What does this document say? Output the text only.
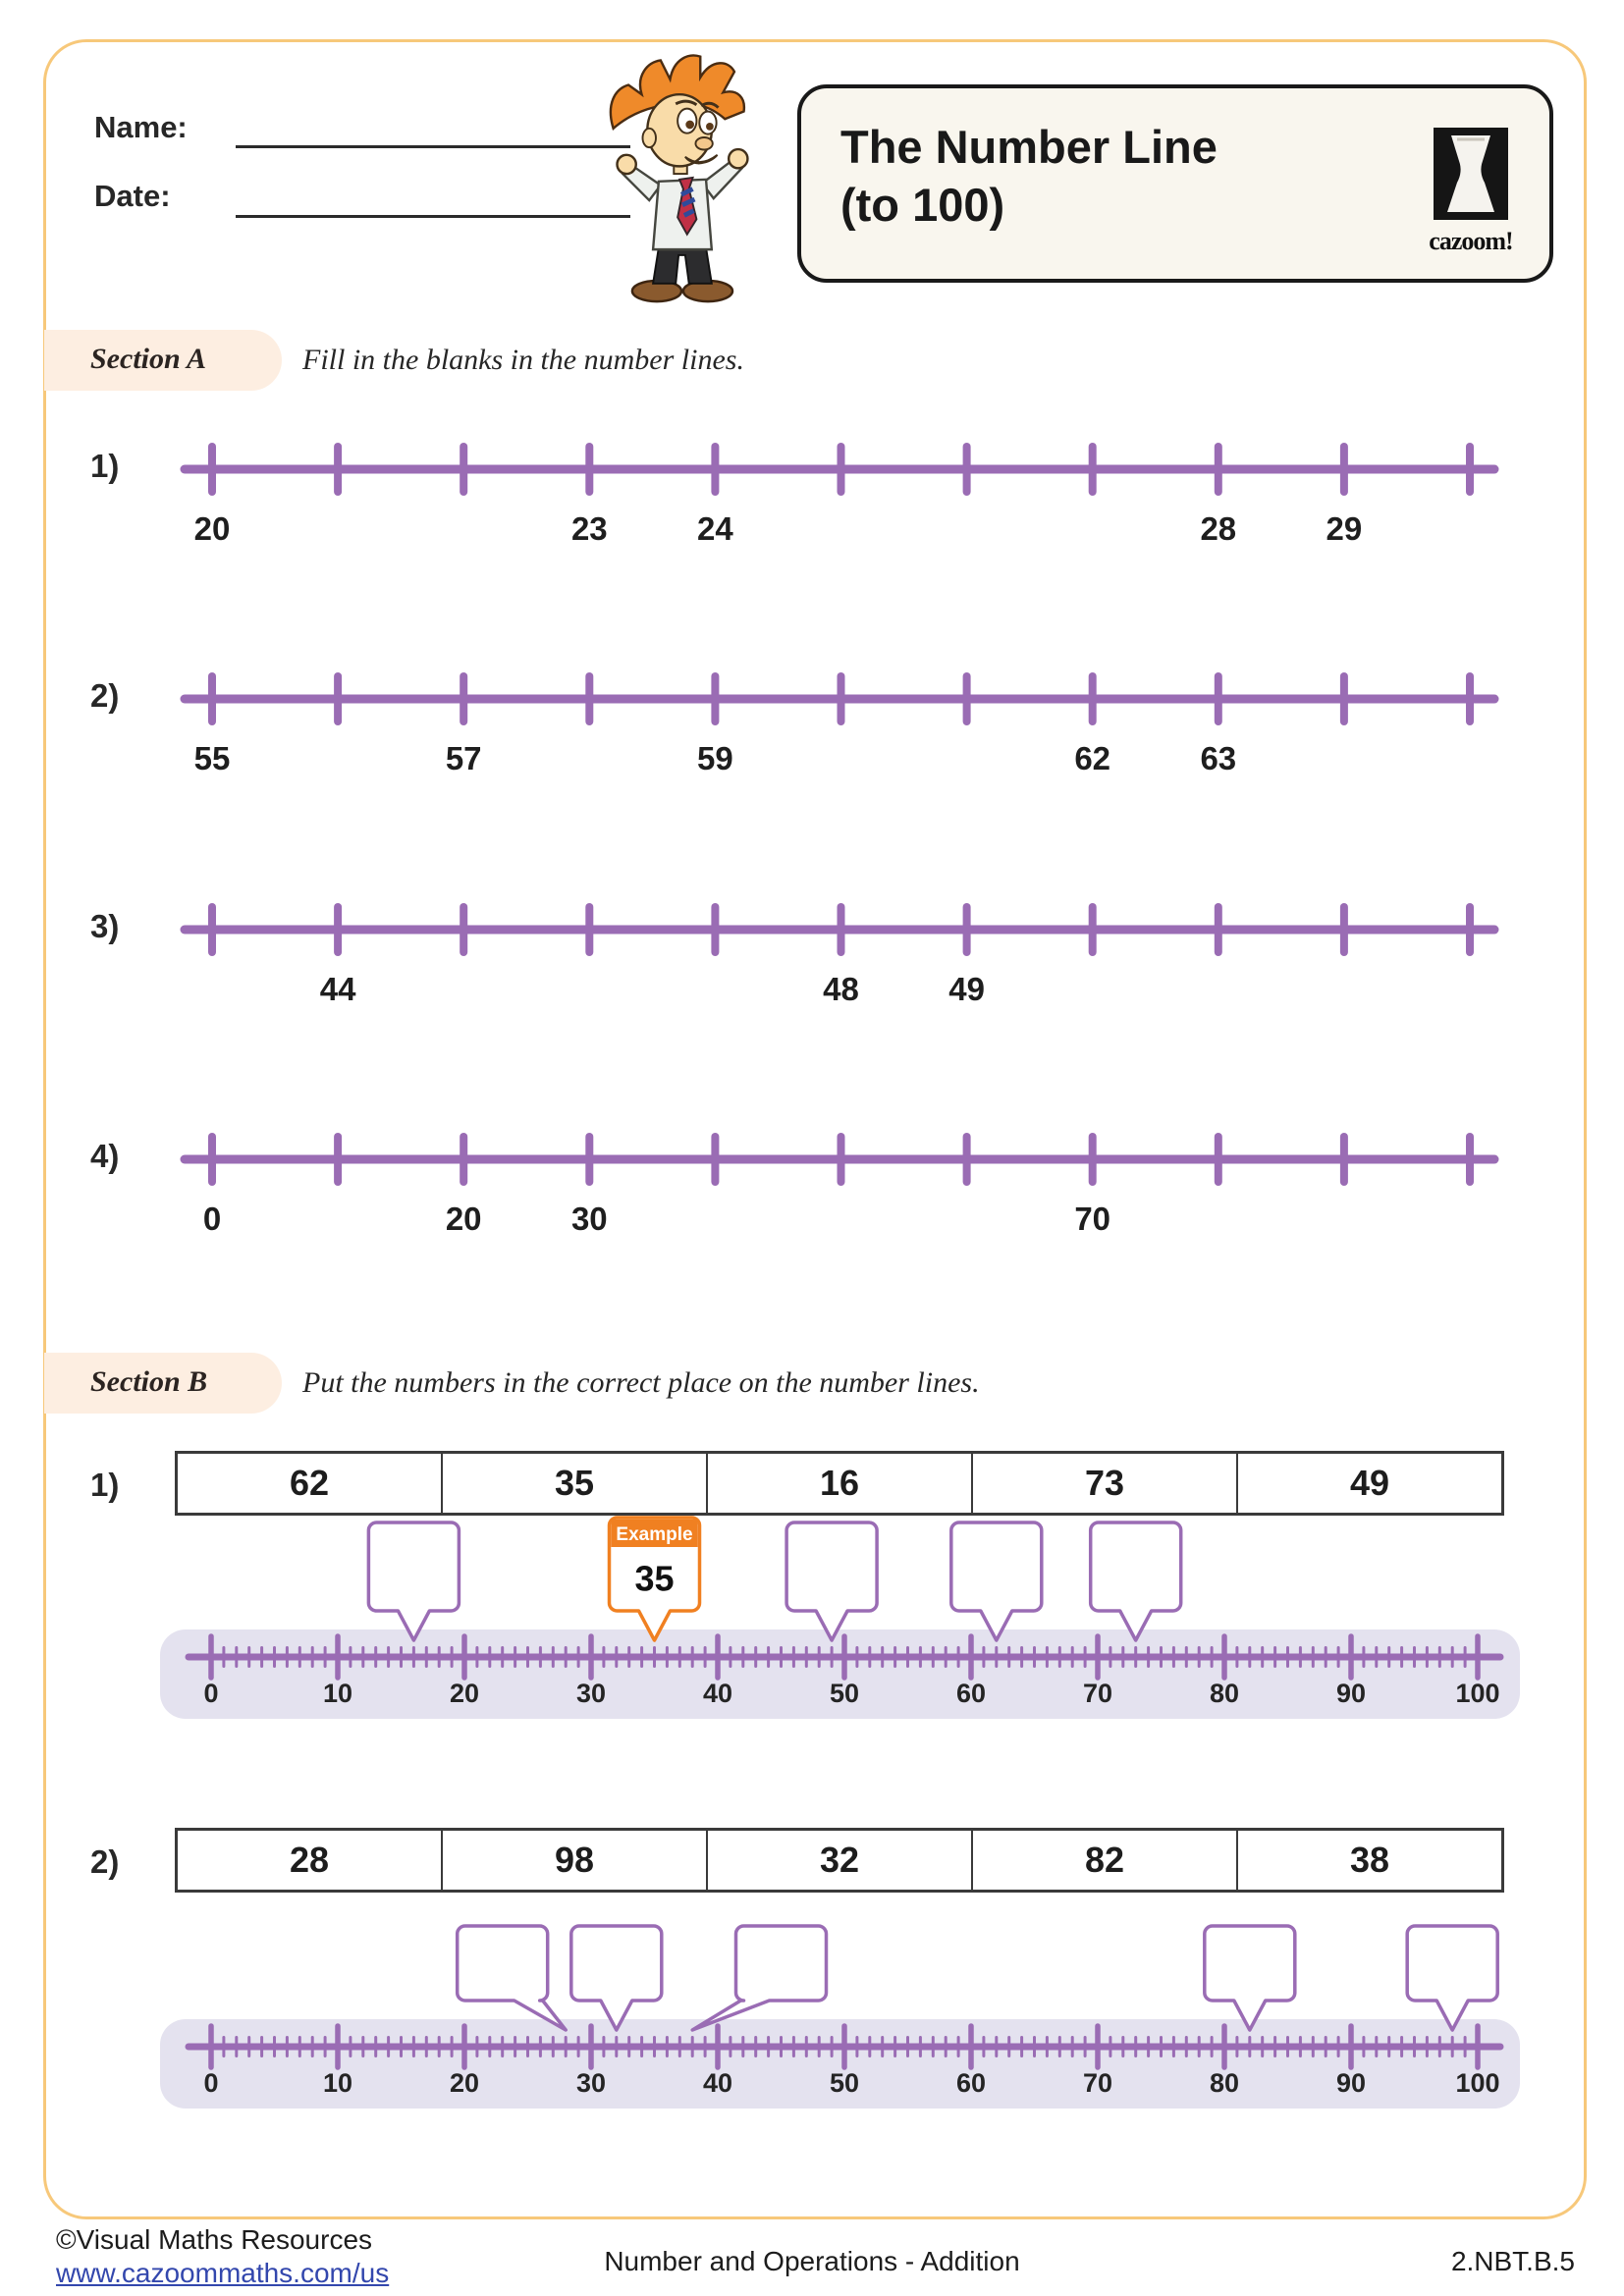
Name:
Date:
The Number Line
(to 100)
cazoom!
Section A	Fill in the blanks in the number lines.
1)
20	23	24	28	29
2)
55	57	59	62	63
3)
44	48	49
4)
0	20	30	70
Section B	Put the numbers in the correct place on the number lines.
1)	62	35	16	73	49
0	10	20	30	40	50	60	70	80	90	100
Example
35
2)	28	98	32	82	38
0	10	20	30	40	50	60	70	80	90	100
©Visual Maths Resources
www.cazoommaths.com/us	Number and Operations - Addition	2.NBT.B.5
